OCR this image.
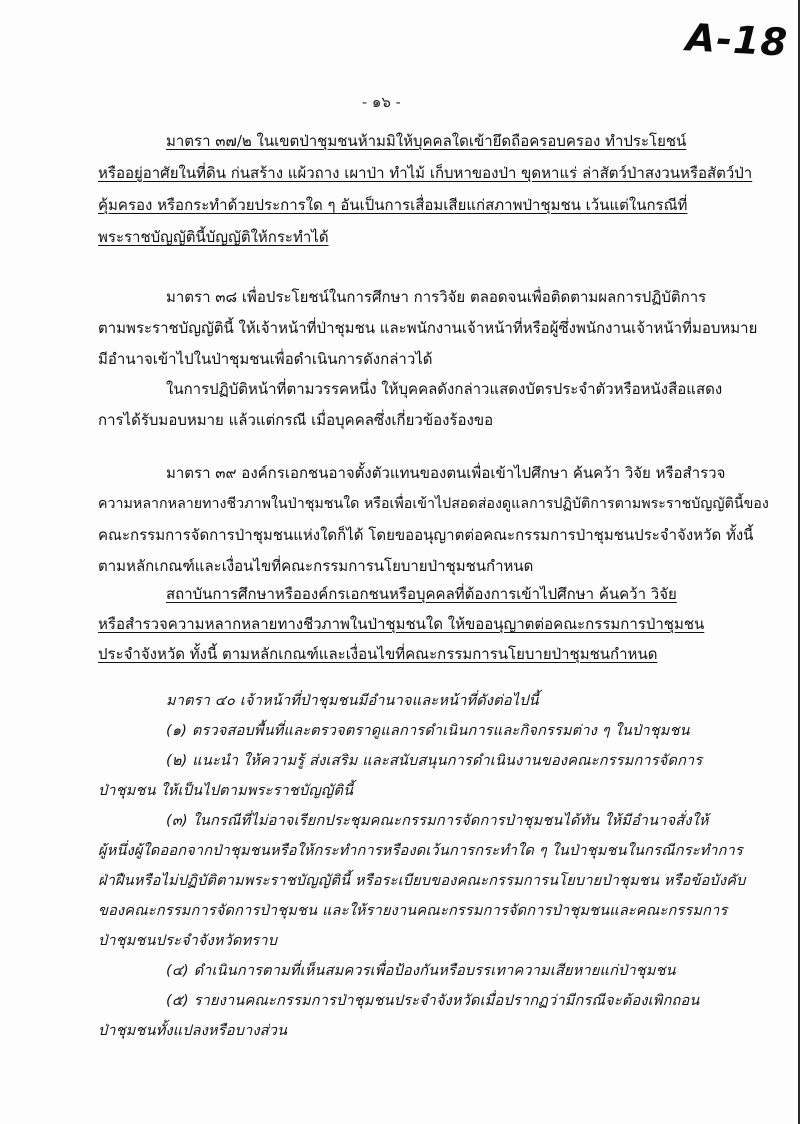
A-18
- ๑๖ -
มาตรา ๓๗/๒ ในเขตป่าชุมชนห้ามมิให้บุคคลใดเข้ายึดถือครอบครอง ทำประโยชน์
หรืออยู่อาศัยในที่ดิน ก่นสร้าง แผ้วถาง เผาป่า ทำไม้ เก็บหาของป่า ขุดหาแร่ ล่าสัตว์ป่าสงวนหรือสัตว์ป่า
คุ้มครอง หรือกระทำด้วยประการใด ๆ อันเป็นการเสื่อมเสียแก่สภาพป่าชุมชน เว้นแต่ในกรณีที่
พระราชบัญญัตินี้บัญญัติให้กระทำได้
มาตรา ๓๘ เพื่อประโยชน์ในการศึกษา การวิจัย ตลอดจนเพื่อติดตามผลการปฏิบัติการ
ตามพระราชบัญญัตินี้ ให้เจ้าหน้าที่ป่าชุมชน และพนักงานเจ้าหน้าที่หรือผู้ซึ่งพนักงานเจ้าหน้าที่มอบหมาย
มีอำนาจเข้าไปในป่าชุมชนเพื่อดำเนินการดังกล่าวได้
ในการปฏิบัติหน้าที่ตามวรรคหนึ่ง ให้บุคคลดังกล่าวแสดงบัตรประจำตัวหรือหนังสือแสดง
การได้รับมอบหมาย แล้วแต่กรณี เมื่อบุคคลซึ่งเกี่ยวข้องร้องขอ
มาตรา ๓๙ องค์กรเอกชนอาจตั้งตัวแทนของตนเพื่อเข้าไปศึกษา ค้นคว้า วิจัย หรือสำรวจ
ความหลากหลายทางชีวภาพในป่าชุมชนใด หรือเพื่อเข้าไปสอดส่องดูแลการปฏิบัติการตามพระราชบัญญัตินี้ของ
คณะกรรมการจัดการป่าชุมชนแห่งใดก็ได้ โดยขออนุญาตต่อคณะกรรมการป่าชุมชนประจำจังหวัด ทั้งนี้
ตามหลักเกณฑ์และเงื่อนไขที่คณะกรรมการนโยบายป่าชุมชนกำหนด
สถาบันการศึกษาหรือองค์กรเอกชนหรือบุคคลที่ต้องการเข้าไปศึกษา ค้นคว้า วิจัย
หรือสำรวจความหลากหลายทางชีวภาพในป่าชุมชนใด ให้ขออนุญาตต่อคณะกรรมการป่าชุมชน
ประจำจังหวัด ทั้งนี้ ตามหลักเกณฑ์และเงื่อนไขที่คณะกรรมการนโยบายป่าชุมชนกำหนด
มาตรา ๔๐ เจ้าหน้าที่ป่าชุมชนมีอำนาจและหน้าที่ดังต่อไปนี้
(๑) ตรวจสอบพื้นที่และตรวจตราดูแลการดำเนินการและกิจกรรมต่าง ๆ ในป่าชุมชน
(๒) แนะนำ ให้ความรู้ ส่งเสริม และสนับสนุนการดำเนินงานของคณะกรรมการจัดการ
ป่าชุมชน ให้เป็นไปตามพระราชบัญญัตินี้
(๓) ในกรณีที่ไม่อาจเรียกประชุมคณะกรรมการจัดการป่าชุมชนได้ทัน ให้มีอำนาจสั่งให้
ผู้หนึ่งผู้ใดออกจากป่าชุมชนหรือให้กระทำการหรืองดเว้นการกระทำใด ๆ ในป่าชุมชนในกรณีกระทำการ
ฝ่าฝืนหรือไม่ปฏิบัติตามพระราชบัญญัตินี้ หรือระเบียบของคณะกรรมการนโยบายป่าชุมชน หรือข้อบังคับ
ของคณะกรรมการจัดการป่าชุมชน และให้รายงานคณะกรรมการจัดการป่าชุมชนและคณะกรรมการ
ป่าชุมชนประจำจังหวัดทราบ
(๔) ดำเนินการตามที่เห็นสมควรเพื่อป้องกันหรือบรรเทาความเสียหายแก่ป่าชุมชน
(๕) รายงานคณะกรรมการป่าชุมชนประจำจังหวัดเมื่อปรากฏว่ามีกรณีจะต้องเพิกถอน
ป่าชุมชนทั้งแปลงหรือบางส่วน
